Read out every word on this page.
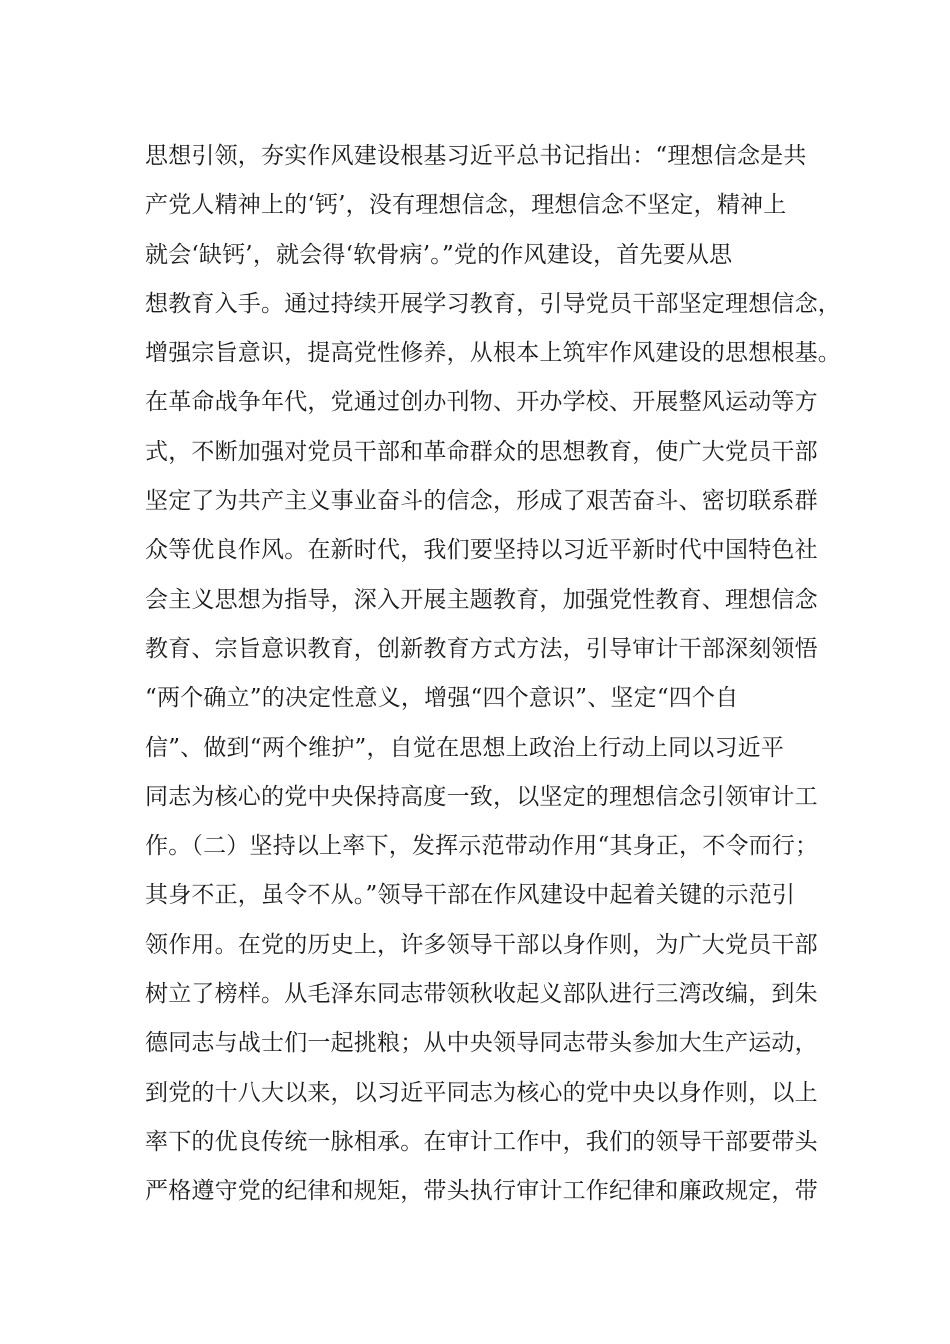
思想引领，夯实作风建设根基习近平总书记指出：“理想信念是共
产党人精神上的‘钙’，没有理想信念，理想信念不坚定，精神上
就会‘缺钙’，就会得‘软骨病’。”党的作风建设，首先要从思
想教育入手。通过持续开展学习教育，引导党员干部坚定理想信念，
增强宗旨意识，提高党性修养，从根本上筑牢作风建设的思想根基。
在革命战争年代，党通过创办刊物、开办学校、开展整风运动等方
式，不断加强对党员干部和革命群众的思想教育，使广大党员干部
坚定了为共产主义事业奋斗的信念，形成了艰苦奋斗、密切联系群
众等优良作风。在新时代，我们要坚持以习近平新时代中国特色社
会主义思想为指导，深入开展主题教育，加强党性教育、理想信念
教育、宗旨意识教育，创新教育方式方法，引导审计干部深刻领悟
“两个确立”的决定性意义，增强“四个意识”、坚定“四个自
信”、做到“两个维护”，自觉在思想上政治上行动上同以习近平
同志为核心的党中央保持高度一致，以坚定的理想信念引领审计工
作。（二）坚持以上率下，发挥示范带动作用“其身正，不令而行；
其身不正，虽令不从。”领导干部在作风建设中起着关键的示范引
领作用。在党的历史上，许多领导干部以身作则，为广大党员干部
树立了榜样。从毛泽东同志带领秋收起义部队进行三湾改编，到朱
德同志与战士们一起挑粮；从中央领导同志带头参加大生产运动，
到党的十八大以来，以习近平同志为核心的党中央以身作则，以上
率下的优良传统一脉相承。在审计工作中，我们的领导干部要带头
严格遵守党的纪律和规矩，带头执行审计工作纪律和廉政规定，带
